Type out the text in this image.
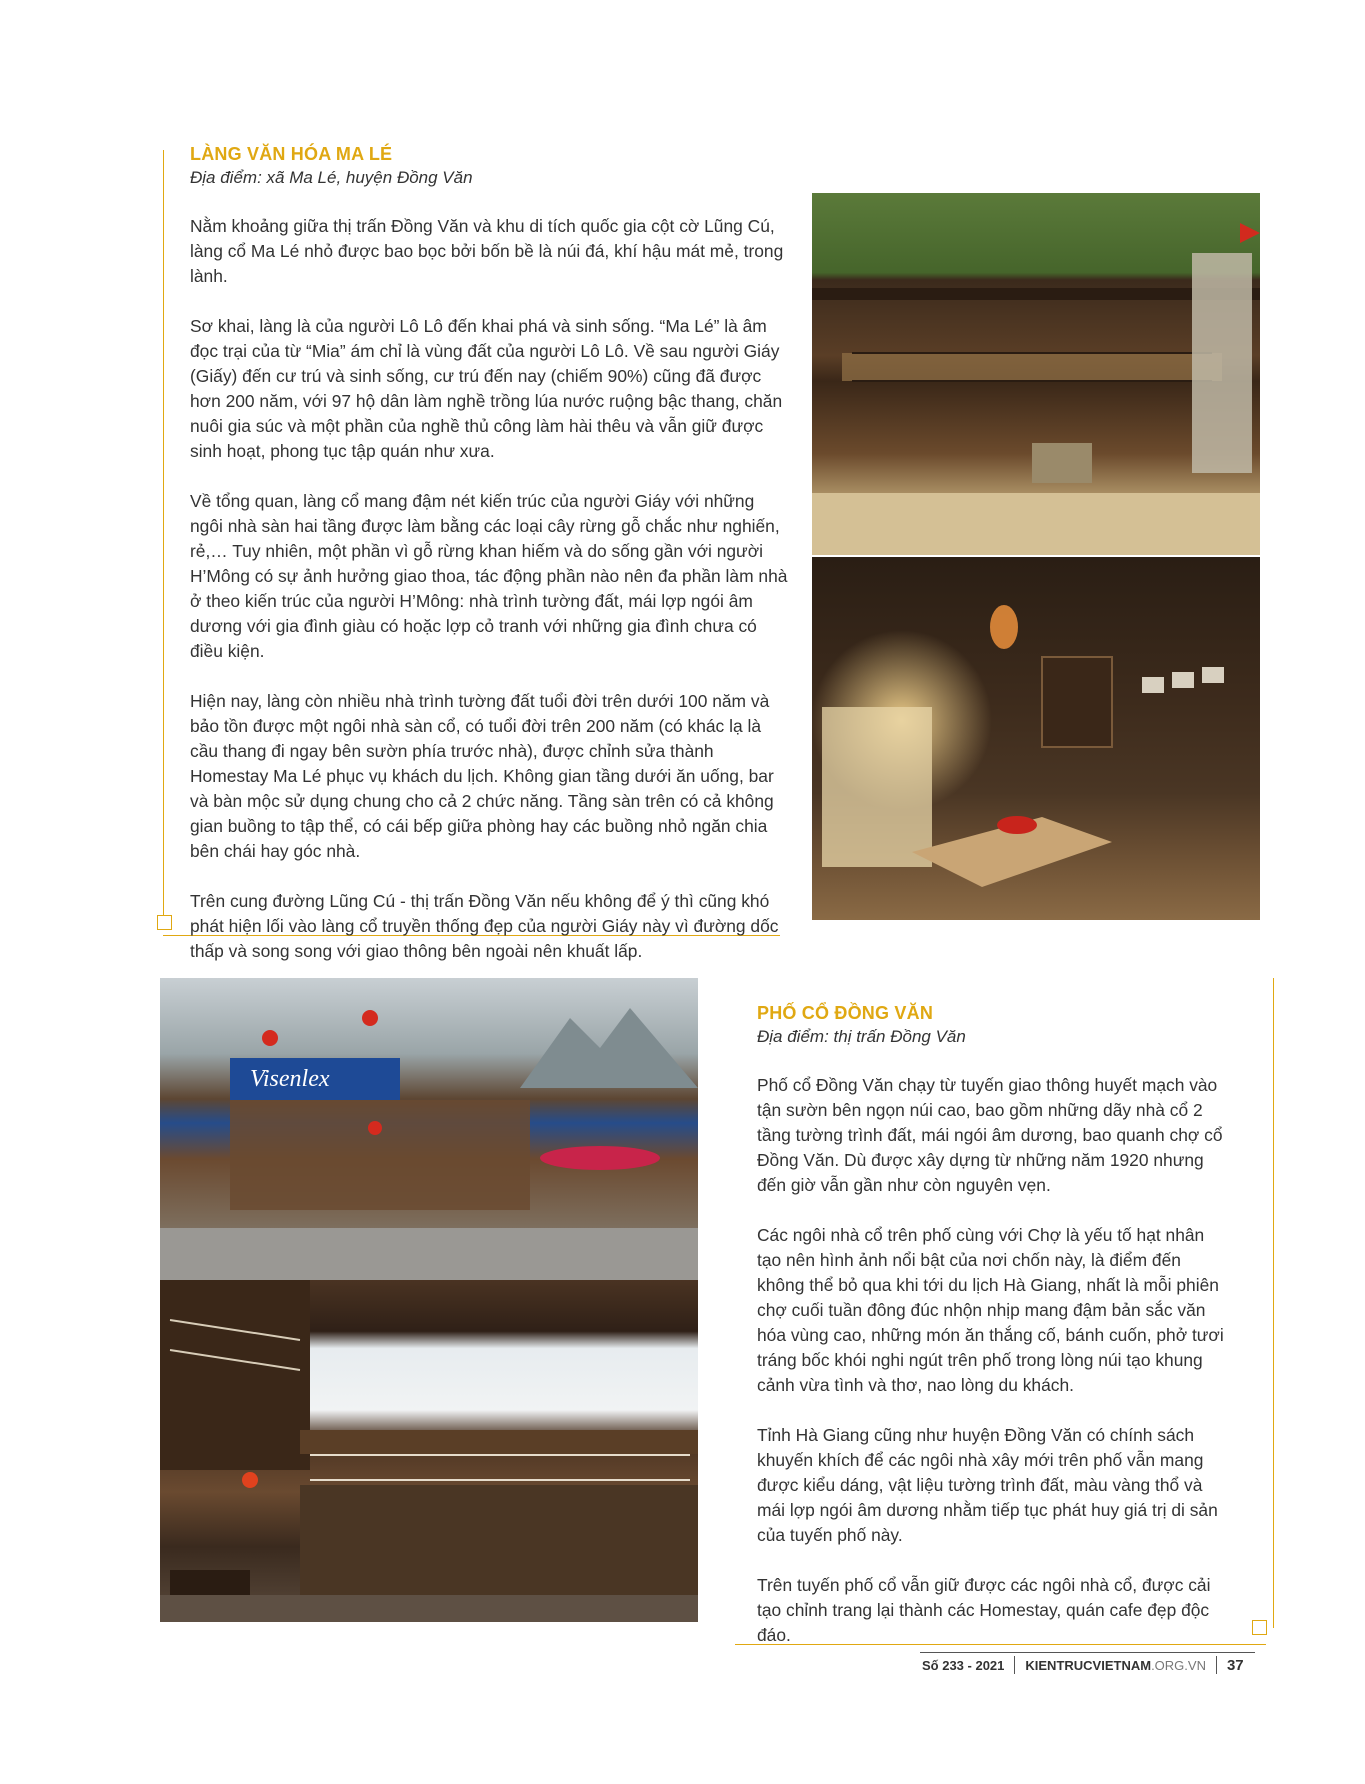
LÀNG VĂN HÓA MA LÉ
Địa điểm: xã Ma Lé, huyện Đồng Văn

Nằm khoảng giữa thị trấn Đồng Văn và khu di tích quốc gia cột cờ Lũng Cú, làng cổ Ma Lé nhỏ được bao bọc bởi bốn bề là núi đá, khí hậu mát mẻ, trong lành.

Sơ khai, làng là của người Lô Lô đến khai phá và sinh sống. “Ma Lé” là âm đọc trại của từ “Mia” ám chỉ là vùng đất của người Lô Lô. Về sau người Giáy (Giấy) đến cư trú và sinh sống, cư trú đến nay (chiếm 90%) cũng đã được hơn 200 năm, với 97 hộ dân làm nghề trồng lúa nước ruộng bậc thang, chăn nuôi gia súc và một phần của nghề thủ công làm hài thêu và vẫn giữ được sinh hoạt, phong tục tập quán như xưa.

Về tổng quan, làng cổ mang đậm nét kiến trúc của người Giáy với những ngôi nhà sàn hai tầng được làm bằng các loại cây rừng gỗ chắc như nghiến, rẻ,… Tuy nhiên, một phần vì gỗ rừng khan hiếm và do sống gần với người H’Mông có sự ảnh hưởng giao thoa, tác động phần nào nên đa phần làm nhà ở theo kiến trúc của người H’Mông: nhà trình tường đất, mái lợp ngói âm dương với gia đình giàu có hoặc lợp cỏ tranh với những gia đình chưa có điều kiện.

Hiện nay, làng còn nhiều nhà trình tường đất tuổi đời trên dưới 100 năm và bảo tồn được một ngôi nhà sàn cổ, có tuổi đời trên 200 năm (có khác lạ là cầu thang đi ngay bên sườn phía trước nhà), được chỉnh sửa thành Homestay Ma Lé phục vụ khách du lịch. Không gian tầng dưới ăn uống, bar và bàn mộc sử dụng chung cho cả 2 chức năng. Tầng sàn trên có cả không gian buồng to tập thể, có cái bếp giữa phòng hay các buồng nhỏ ngăn chia bên chái hay góc nhà.

Trên cung đường Lũng Cú - thị trấn Đồng Văn nếu không để ý thì cũng khó phát hiện lối vào làng cổ truyền thống đẹp của người Giáy này vì đường dốc thấp và song song với giao thông bên ngoài nên khuất lấp.

Visenlex
PHỐ CỔ ĐỒNG VĂN
Địa điểm: thị trấn Đồng Văn

Phố cổ Đồng Văn chạy từ tuyến giao thông huyết mạch vào tận sườn bên ngọn núi cao, bao gồm những dãy nhà cổ 2 tầng tường trình đất, mái ngói âm dương, bao quanh chợ cổ Đồng Văn. Dù được xây dựng từ những năm 1920 nhưng đến giờ vẫn gần như còn nguyên vẹn.

Các ngôi nhà cổ trên phố cùng với Chợ là yếu tố hạt nhân tạo nên hình ảnh nổi bật của nơi chốn này, là điểm đến không thể bỏ qua khi tới du lịch Hà Giang, nhất là mỗi phiên chợ cuối tuần đông đúc nhộn nhịp mang đậm bản sắc văn hóa vùng cao, những món ăn thắng cố, bánh cuốn, phở tươi tráng bốc khói nghi ngút trên phố trong lòng núi tạo khung cảnh vừa tình và thơ, nao lòng du khách.

Tỉnh Hà Giang cũng như huyện Đồng Văn có chính sách khuyến khích để các ngôi nhà xây mới trên phố vẫn mang được kiểu dáng, vật liệu tường trình đất, màu vàng thổ và mái lợp ngói âm dương nhằm tiếp tục phát huy giá trị di sản của tuyến phố này.

Trên tuyến phố cổ vẫn giữ được các ngôi nhà cổ, được cải tạo chỉnh trang lại thành các Homestay, quán cafe đẹp độc đáo.

Số 233 - 2021 KIENTRUCVIETNAM.ORG.VN 37
